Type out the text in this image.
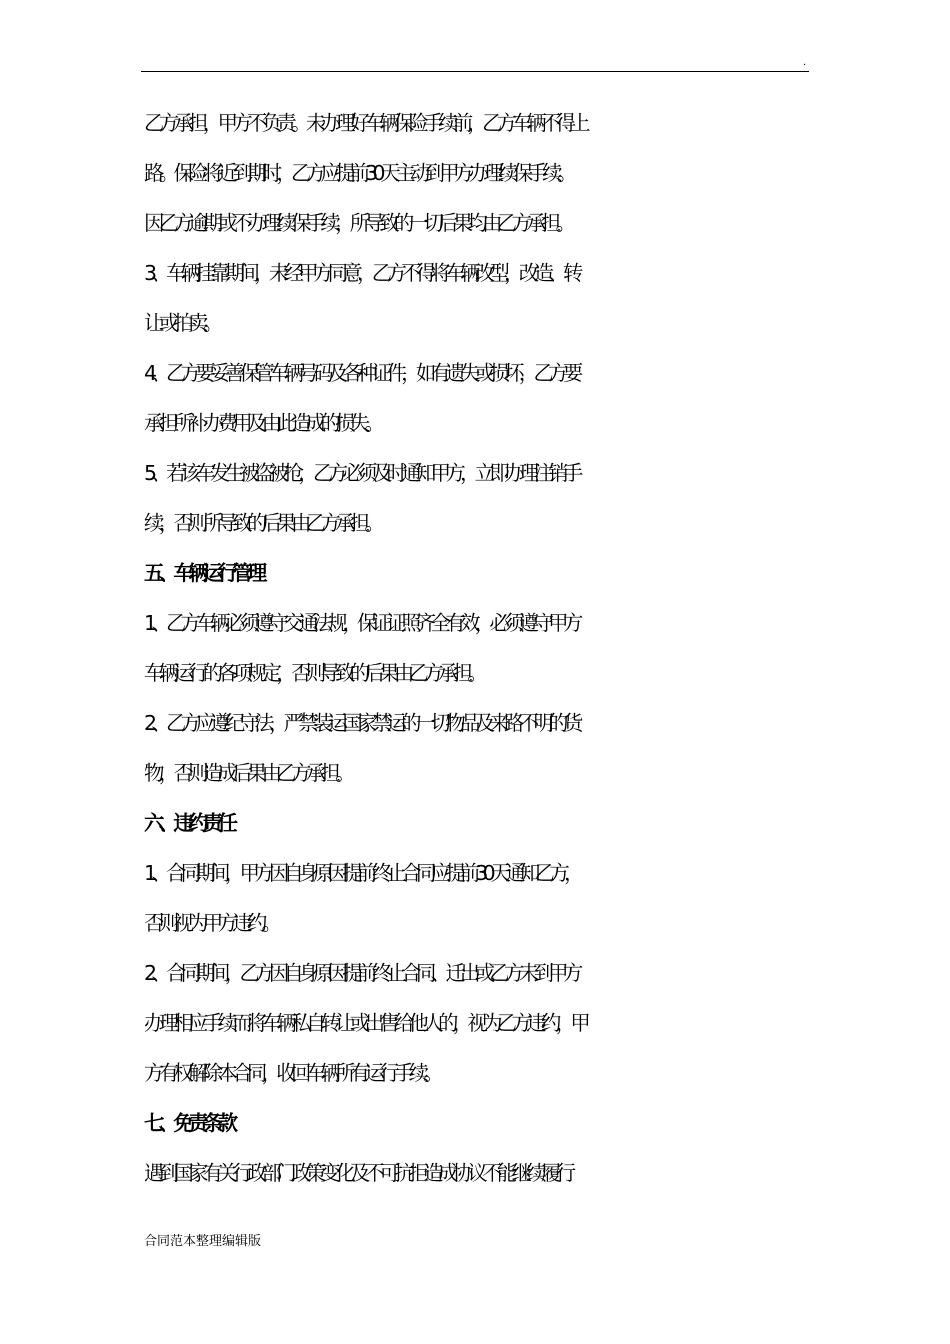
.

乙方承担，甲方不负责。未办理好车辆保险手续前，乙方车辆不得上

路。保险将近到期时，乙方应提前 30 天主动到甲方办理续保手续。

因乙方逾期或不办理续保手续，所导致的一切后果均由乙方承担。

3、车辆挂靠期间，未经甲方同意，乙方不得将车辆改型，改造、转

让或拍卖。

4、乙方要妥善保管车辆号码及各种证件，如有遗失或损坏，乙方要

承担所补办费用及由此造成的损失。

5、若该车发生被盗被抢，乙方必须及时通知甲方，立即办理注销手

续，否则所导致的后果由乙方承担。

五、车辆运行管理

1、乙方车辆必须遵守交通法规，保证证照齐全有效，必须遵守甲方

车辆运行的各项规定，否则导致的后果由乙方承担。

2、乙方应遵纪守法，严禁装运国家禁运的一切物品及来路不明的货

物，否则造成后果由乙方承担。

六、违约责任

1、合同期间，甲方因自身原因提前终止合同应提前 30 天通知乙方，

否则视为甲方违约。

2、合同期间，乙方因自身原因提前终止合同、迁出或乙方未到甲方

办理相应手续而将车辆私自转让或出售给他人的，视为乙方违约，甲

方有权解除本合同，收回车辆所有运行手续。

七、免责条款

遇到国家有关行政部门政策变化及不可抗拒造成协议不能继续履行

合同范本整理编辑版
